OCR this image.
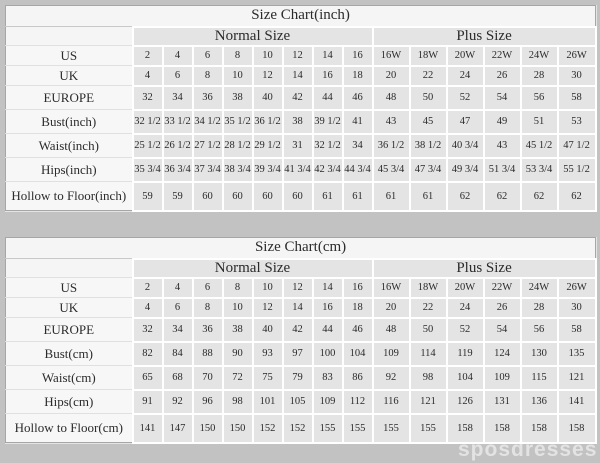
Size Chart(inch)														
	Normal Size								Plus Size					
US	2	4	6	8	10	12	14	16	16W	18W	20W	22W	24W	26W
UK	4	6	8	10	12	14	16	18	20	22	24	26	28	30
EUROPE	32	34	36	38	40	42	44	46	48	50	52	54	56	58
Bust(inch)	32 1/2	33 1/2	34 1/2	35 1/2	36 1/2	38	39 1/2	41	43	45	47	49	51	53
Waist(inch)	25 1/2	26 1/2	27 1/2	28 1/2	29 1/2	31	32 1/2	34	36 1/2	38 1/2	40 3/4	43	45 1/2	47 1/2
Hips(inch)	35 3/4	36 3/4	37 3/4	38 3/4	39 3/4	41 3/4	42 3/4	44 3/4	45 3/4	47 3/4	49 3/4	51 3/4	53 3/4	55 1/2
Hollow to Floor(inch)	59	59	60	60	60	60	61	61	61	61	62	62	62	62
Size Chart(cm)														
	Normal Size								Plus Size					
US	2	4	6	8	10	12	14	16	16W	18W	20W	22W	24W	26W
UK	4	6	8	10	12	14	16	18	20	22	24	26	28	30
EUROPE	32	34	36	38	40	42	44	46	48	50	52	54	56	58
Bust(cm)	82	84	88	90	93	97	100	104	109	114	119	124	130	135
Waist(cm)	65	68	70	72	75	79	83	86	92	98	104	109	115	121
Hips(cm)	91	92	96	98	101	105	109	112	116	121	126	131	136	141
Hollow to Floor(cm)	141	147	150	150	152	152	155	155	155	155	158	158	158	158
sposdresses
